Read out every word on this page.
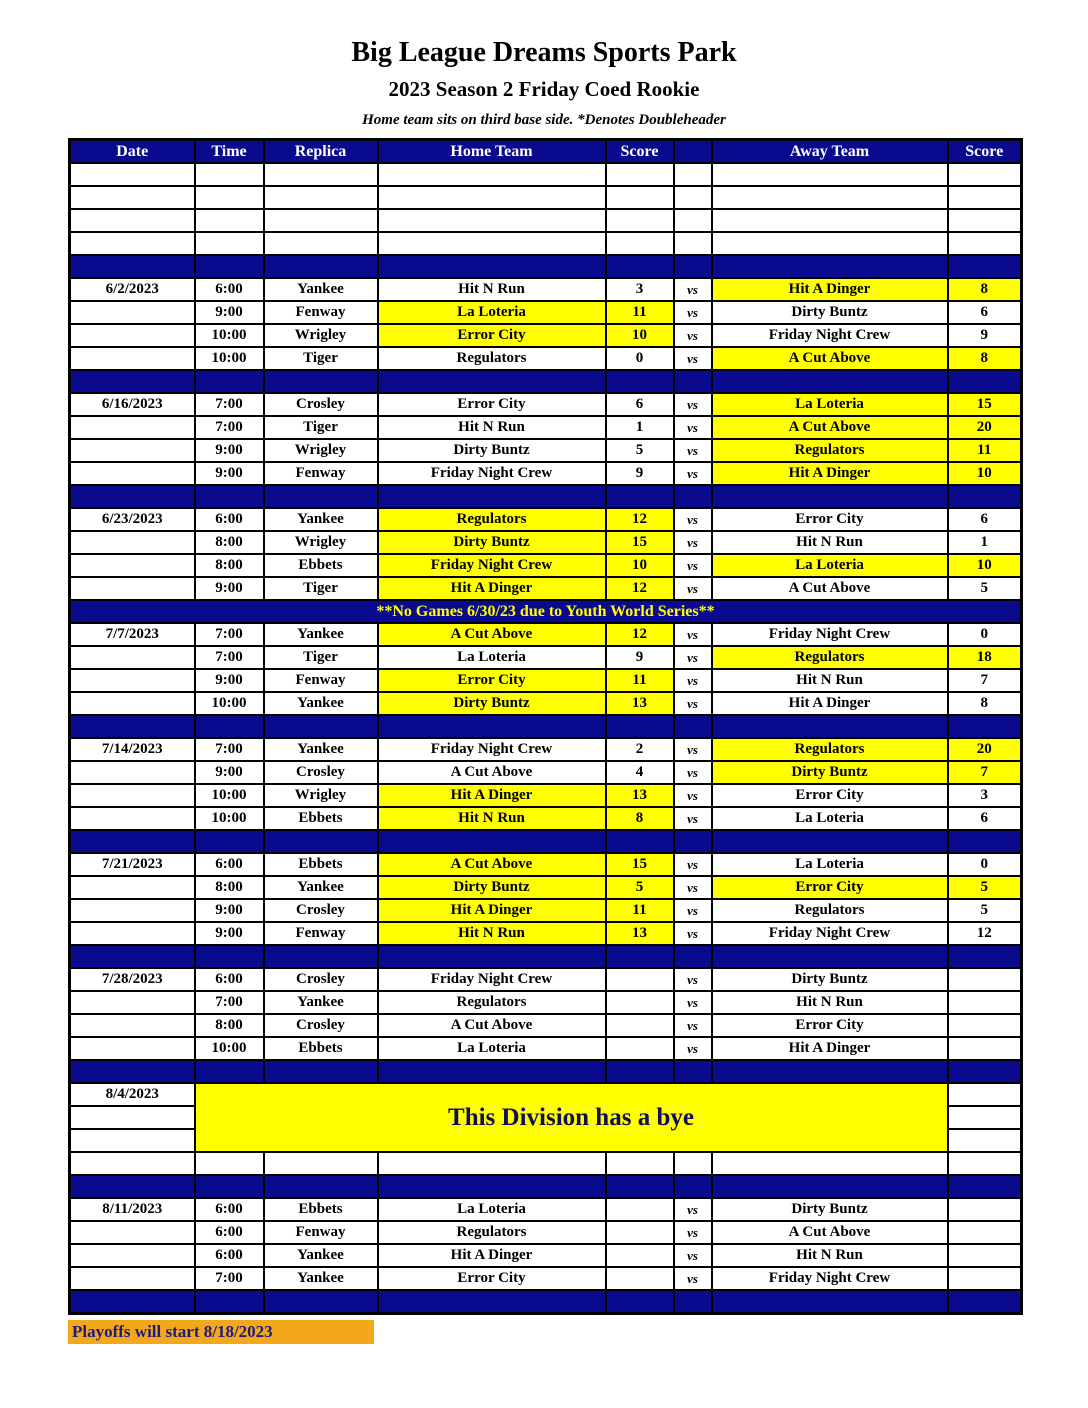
Big League Dreams Sports Park
2023 Season 2 Friday Coed Rookie
Home team sits on third base side. *Denotes Doubleheader
Date	Time	Replica	Home Team	Score		Away Team	Score

6/2/2023	6:00	Yankee	Hit N Run	3	vs	Hit A Dinger	8
	9:00	Fenway	La Loteria	11	vs	Dirty Buntz	6
	10:00	Wrigley	Error City	10	vs	Friday Night Crew	9
	10:00	Tiger	Regulators	0	vs	A Cut Above	8

6/16/2023	7:00	Crosley	Error City	6	vs	La Loteria	15
	7:00	Tiger	Hit N Run	1	vs	A Cut Above	20
	9:00	Wrigley	Dirty Buntz	5	vs	Regulators	11
	9:00	Fenway	Friday Night Crew	9	vs	Hit A Dinger	10

6/23/2023	6:00	Yankee	Regulators	12	vs	Error City	6
	8:00	Wrigley	Dirty Buntz	15	vs	Hit N Run	1
	8:00	Ebbets	Friday Night Crew	10	vs	La Loteria	10
	9:00	Tiger	Hit A Dinger	12	vs	A Cut Above	5
**No Games 6/30/23 due to Youth World Series**							
7/7/2023	7:00	Yankee	A Cut Above	12	vs	Friday Night Crew	0
	7:00	Tiger	La Loteria	9	vs	Regulators	18
	9:00	Fenway	Error City	11	vs	Hit N Run	7
	10:00	Yankee	Dirty Buntz	13	vs	Hit A Dinger	8

7/14/2023	7:00	Yankee	Friday Night Crew	2	vs	Regulators	20
	9:00	Crosley	A Cut Above	4	vs	Dirty Buntz	7
	10:00	Wrigley	Hit A Dinger	13	vs	Error City	3
	10:00	Ebbets	Hit N Run	8	vs	La Loteria	6

7/21/2023	6:00	Ebbets	A Cut Above	15	vs	La Loteria	0
	8:00	Yankee	Dirty Buntz	5	vs	Error City	5
	9:00	Crosley	Hit A Dinger	11	vs	Regulators	5
	9:00	Fenway	Hit N Run	13	vs	Friday Night Crew	12

7/28/2023	6:00	Crosley	Friday Night Crew		vs	Dirty Buntz	
	7:00	Yankee	Regulators		vs	Hit N Run	
	8:00	Crosley	A Cut Above		vs	Error City	
	10:00	Ebbets	La Loteria		vs	Hit A Dinger	

8/4/2023	This Division has a bye						

8/11/2023	6:00	Ebbets	La Loteria		vs	Dirty Buntz	
	6:00	Fenway	Regulators		vs	A Cut Above	
	6:00	Yankee	Hit A Dinger		vs	Hit N Run	
	7:00	Yankee	Error City		vs	Friday Night Crew	

Playoffs will start 8/18/2023
